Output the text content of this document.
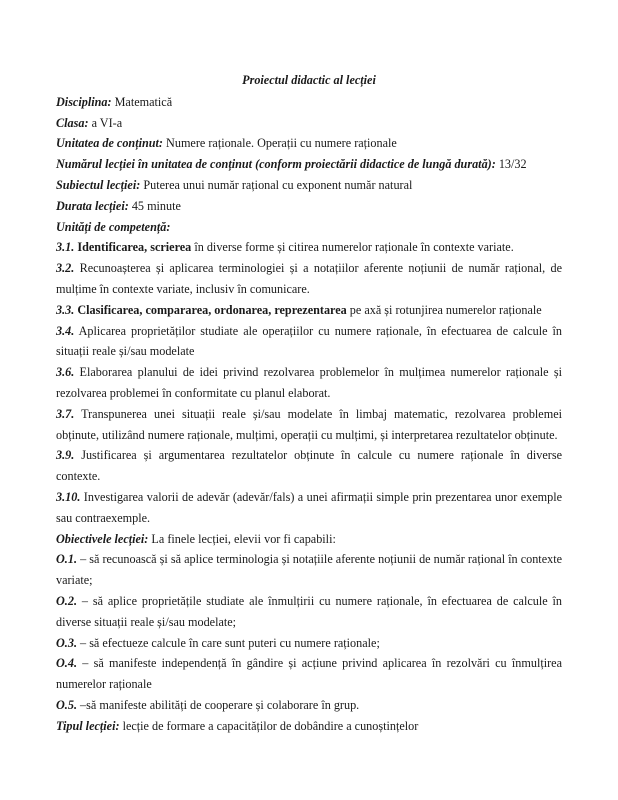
Proiectul didactic al lecției

Disciplina: Matematică

Clasa: a VI-a

Unitatea de conținut: Numere raționale. Operații cu numere raționale

Numărul lecției în unitatea de conținut (conform proiectării didactice de lungă durată): 13/32

Subiectul lecției: Puterea unui număr rațional cu exponent număr natural

Durata lecției: 45 minute

Unități de competență:

3.1. Identificarea, scrierea în diverse forme și citirea numerelor raționale în contexte variate.

3.2. Recunoașterea și aplicarea terminologiei și a notațiilor aferente noțiunii de număr rațional, de mulțime în contexte variate, inclusiv în comunicare.

3.3. Clasificarea, compararea, ordonarea, reprezentarea pe axă și rotunjirea numerelor raționale

3.4. Aplicarea proprietăților studiate ale operațiilor cu numere raționale, în efectuarea de calcule în situații reale și/sau modelate

3.6. Elaborarea planului de idei privind rezolvarea problemelor în mulțimea numerelor raționale și rezolvarea problemei în conformitate cu planul elaborat.

3.7. Transpunerea unei situații reale și/sau modelate în limbaj matematic, rezolvarea problemei obținute, utilizând numere raționale, mulțimi, operații cu mulțimi, și interpretarea rezultatelor obținute.

3.9. Justificarea și argumentarea rezultatelor obținute în calcule cu numere raționale în diverse contexte.

3.10. Investigarea valorii de adevăr (adevăr/fals) a unei afirmații simple prin prezentarea unor exemple sau contraexemple.

Obiectivele lecției: La finele lecției, elevii vor fi capabili:

O.1. – să recunoască și să aplice terminologia și notațiile aferente noțiunii de număr rațional în contexte variate;

O.2. – să aplice proprietățile studiate ale înmulțirii cu numere raționale, în efectuarea de calcule în diverse situații reale și/sau modelate;

O.3. – să efectueze calcule în care sunt puteri cu numere raționale;

O.4. – să manifeste independență în gândire și acțiune privind aplicarea în rezolvări cu înmulțirea numerelor raționale

O.5. –să manifeste abilități de cooperare și colaborare în grup.

Tipul lecției: lecție de formare a capacităților de dobândire a cunoștințelor
